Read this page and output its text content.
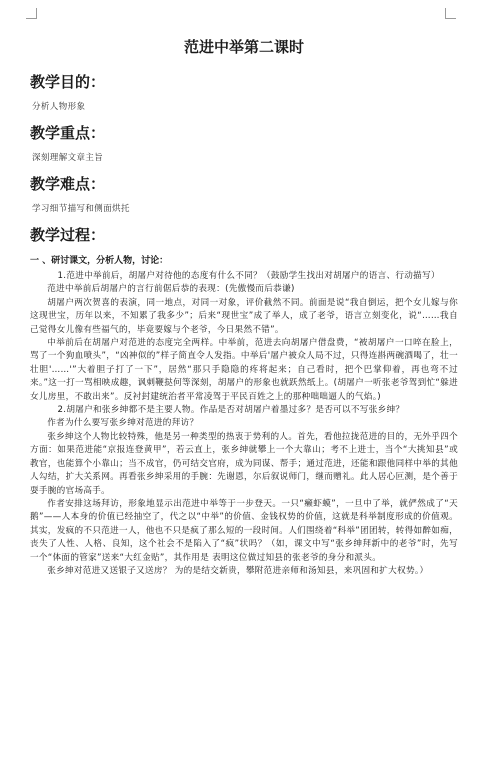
范进中举第二课时
教学目的：
分析人物形象
教学重点：
深刻理解文章主旨
教学难点：
学习细节描写和侧面烘托
教学过程：
一 、研讨课文，分析人物，讨论：

1.范进中举前后，胡屠户对待他的态度有什么不同？（鼓励学生找出对胡屠户的语言、行动描写）

范进中举前后胡屠户的言行前倨后恭的表现：(先傲慢而后恭谦)

胡屠户两次贺喜的表演，同一地点，对同一对象，评价截然不同。前面是说“我自倒运，把个女儿嫁与你这现世宝，历年以来，不知累了我多少”；后来“现世宝”成了举人，成了老爷，语言立刻变化，说“……我自己觉得女儿像有些福气的，毕竟要嫁与个老爷，今日果然不错”。

中举前后在胡屠户对范进的态度完全两样。中举前，范进去向胡屠户借盘费，“被胡屠户一口啐在脸上，骂了一个狗血喷头”，“凶神似的”样子简直令人发指。中举后'屠户被众人局不过，只得连斟两碗酒喝了，壮一壮胆'……'”大着胆子打了一下”，居然“那只手隐隐的疼将起来；自己看时，把个巴掌仰着，再也弯不过来。”这一打一骂相映成趣，讽刺鞭挞何等深刻，胡屠户的形象也就跃然纸上。(胡屠户一听张老爷驾到忙“躲进女儿房里，不敢出来”。反衬封建统治者平常凌驾于平民百姓之上的那种咄咄逼人的气焰。)

2.胡屠户和张乡绅都不是主要人物。作品是否对胡屠户着墨过多？是否可以不写张乡绅？

作者为什么要写张乡绅对范进的拜访？

张乡绅这个人物比较特殊，他是另一种类型的热衷于势利的人。首先，看他拉拢范进的目的，无外乎四个方面：如果范进能“京报连登黄甲”，若云直上，张乡绅就攀上一个大靠山；考不上进士，当个“大挑知县”或教官，也能算个小靠山；当不成官，仍可结交官府，成为同谋、帮手；通过范进，还能和跟他同样中举的其他人勾结，扩大关系网。再看张乡绅采用的手腕：先谢恩，尔后叙说师门，继而赠礼。此人居心叵测，是个善于耍手腕的官场高手。

作者安排这场拜访，形象地显示出范进中举等于一步登天。一只“癞虾蟆”，一旦中了举，就俨然成了“天鹅”——人本身的价值已经抽空了，代之以“中举”的价值、金钱权势的价值，这就是科举制度形成的价值观。其实，发疯的不只范进一人，他也不只是疯了那么短的一段时间。人们围绕着“科举”团团转，转得如醉如痴，丧失了人性、人格、良知，这个社会不是陷入了“疯”状吗？（如，课文中写“张乡绅拜新中的老爷”时，先写一个“体面的管家”送来“大红金贴”，其作用是 表明这位做过知县的张老爷的身分和派头。

张乡绅对范进又送银子又送房？ 为的是结交新贵，攀附范进亲师和汤知县，来巩固和扩大权势。）
